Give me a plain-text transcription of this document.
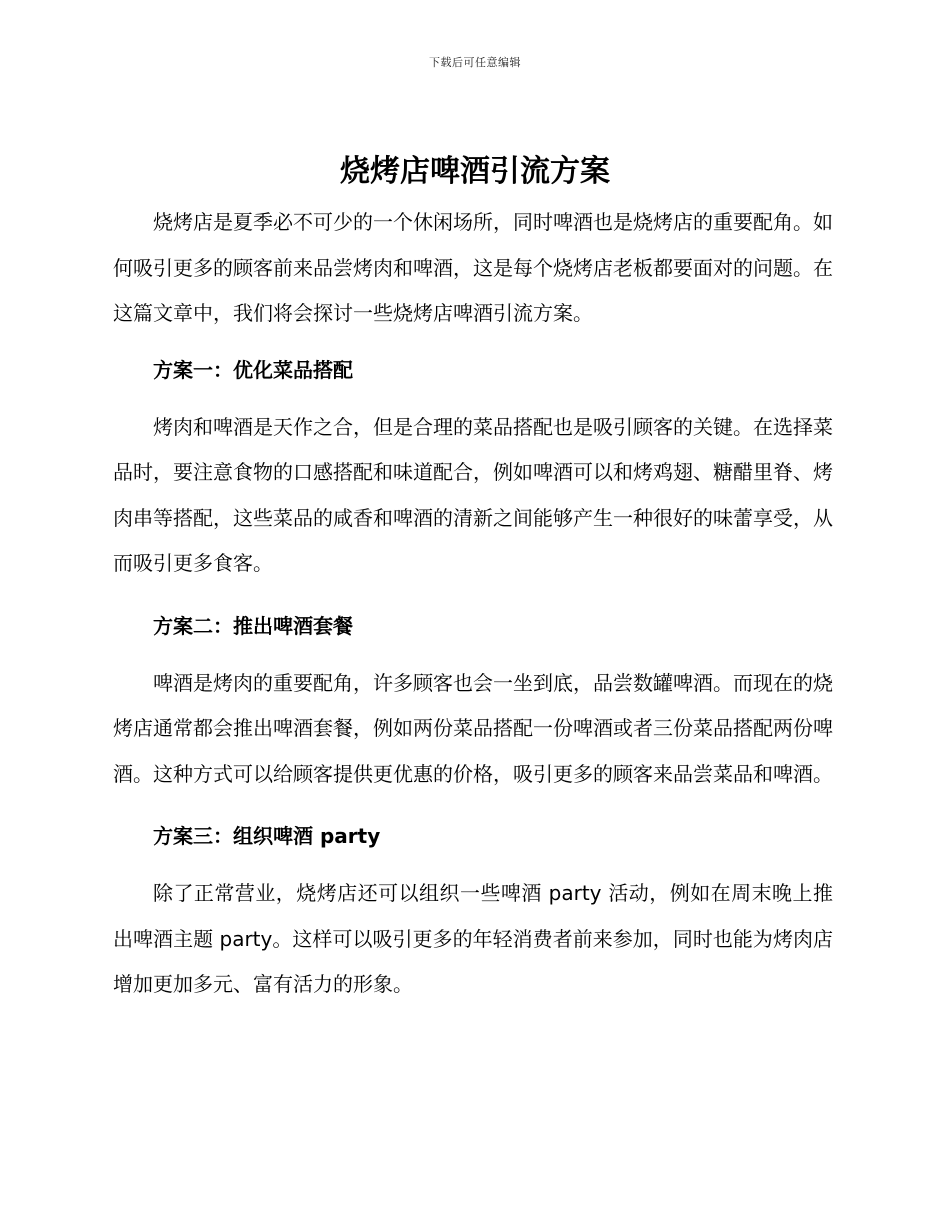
下载后可任意编辑
烧烤店啤酒引流方案

烧烤店是夏季必不可少的一个休闲场所，同时啤酒也是烧烤店的重要配角。如何吸引更多的顾客前来品尝烤肉和啤酒，这是每个烧烤店老板都要面对的问题。在这篇文章中，我们将会探讨一些烧烤店啤酒引流方案。

方案一：优化菜品搭配

烤肉和啤酒是天作之合，但是合理的菜品搭配也是吸引顾客的关键。在选择菜品时，要注意食物的口感搭配和味道配合，例如啤酒可以和烤鸡翅、糖醋里脊、烤肉串等搭配，这些菜品的咸香和啤酒的清新之间能够产生一种很好的味蕾享受，从而吸引更多食客。

方案二：推出啤酒套餐

啤酒是烤肉的重要配角，许多顾客也会一坐到底，品尝数罐啤酒。而现在的烧烤店通常都会推出啤酒套餐，例如两份菜品搭配一份啤酒或者三份菜品搭配两份啤酒。这种方式可以给顾客提供更优惠的价格，吸引更多的顾客来品尝菜品和啤酒。

方案三：组织啤酒 party

除了正常营业，烧烤店还可以组织一些啤酒 party 活动，例如在周末晚上推出啤酒主题 party。这样可以吸引更多的年轻消费者前来参加，同时也能为烤肉店增加更加多元、富有活力的形象。
